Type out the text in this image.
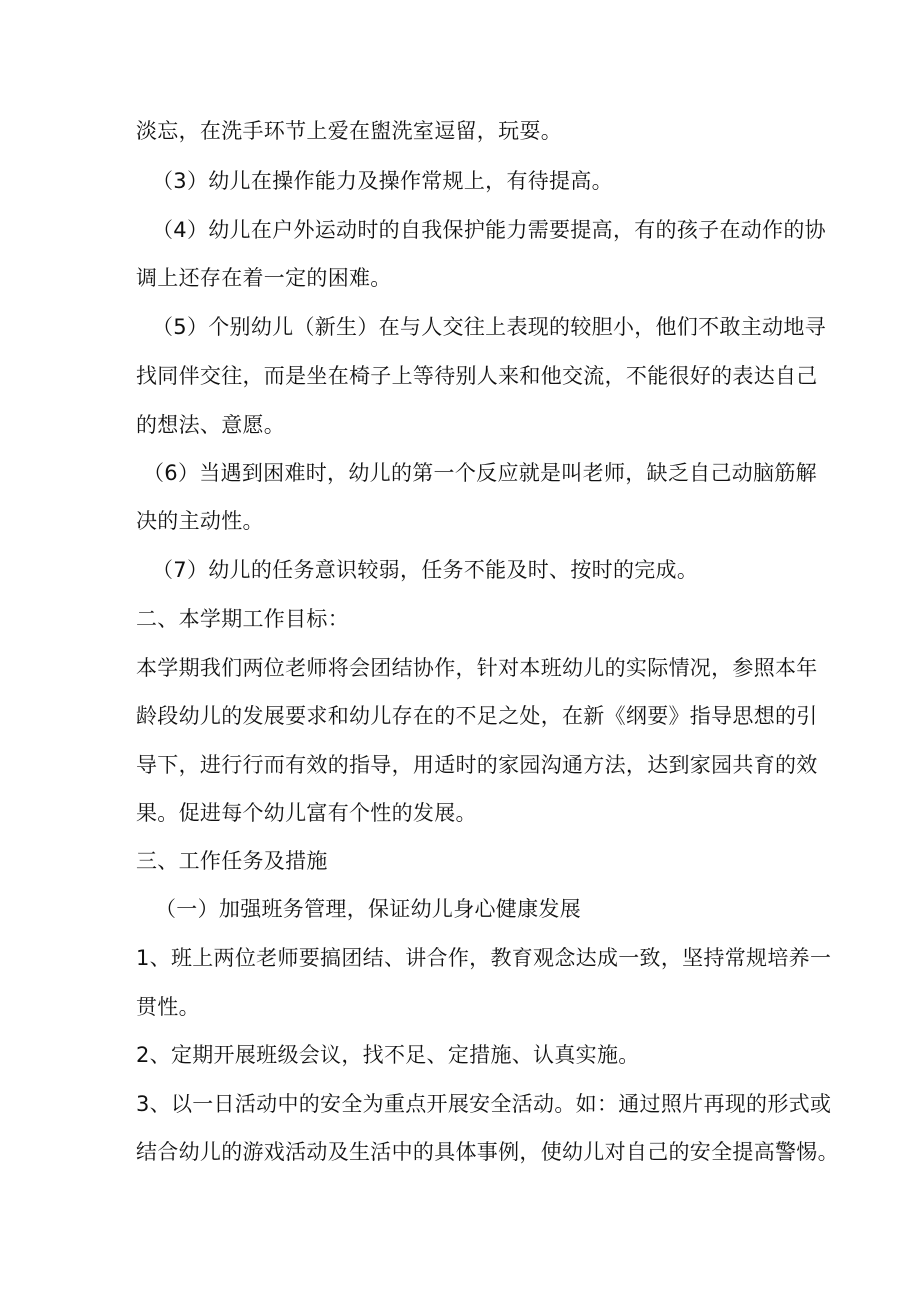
淡忘，在洗手环节上爱在盥洗室逗留，玩耍。
（3）幼儿在操作能力及操作常规上，有待提高。
（4）幼儿在户外运动时的自我保护能力需要提高，有的孩子在动作的协
调上还存在着一定的困难。
（5）个别幼儿（新生）在与人交往上表现的较胆小，他们不敢主动地寻
找同伴交往，而是坐在椅子上等待别人来和他交流，不能很好的表达自己
的想法、意愿。
（6）当遇到困难时，幼儿的第一个反应就是叫老师，缺乏自己动脑筋解
决的主动性。
（7）幼儿的任务意识较弱，任务不能及时、按时的完成。
二、本学期工作目标：
本学期我们两位老师将会团结协作，针对本班幼儿的实际情况，参照本年
龄段幼儿的发展要求和幼儿存在的不足之处，在新《纲要》指导思想的引
导下，进行行而有效的指导，用适时的家园沟通方法，达到家园共育的效
果。促进每个幼儿富有个性的发展。
三、工作任务及措施
（一）加强班务管理，保证幼儿身心健康发展
1、班上两位老师要搞团结、讲合作，教育观念达成一致，坚持常规培养一
贯性。
2、定期开展班级会议，找不足、定措施、认真实施。
3、以一日活动中的安全为重点开展安全活动。如：通过照片再现的形式或
结合幼儿的游戏活动及生活中的具体事例，使幼儿对自己的安全提高警惕。
